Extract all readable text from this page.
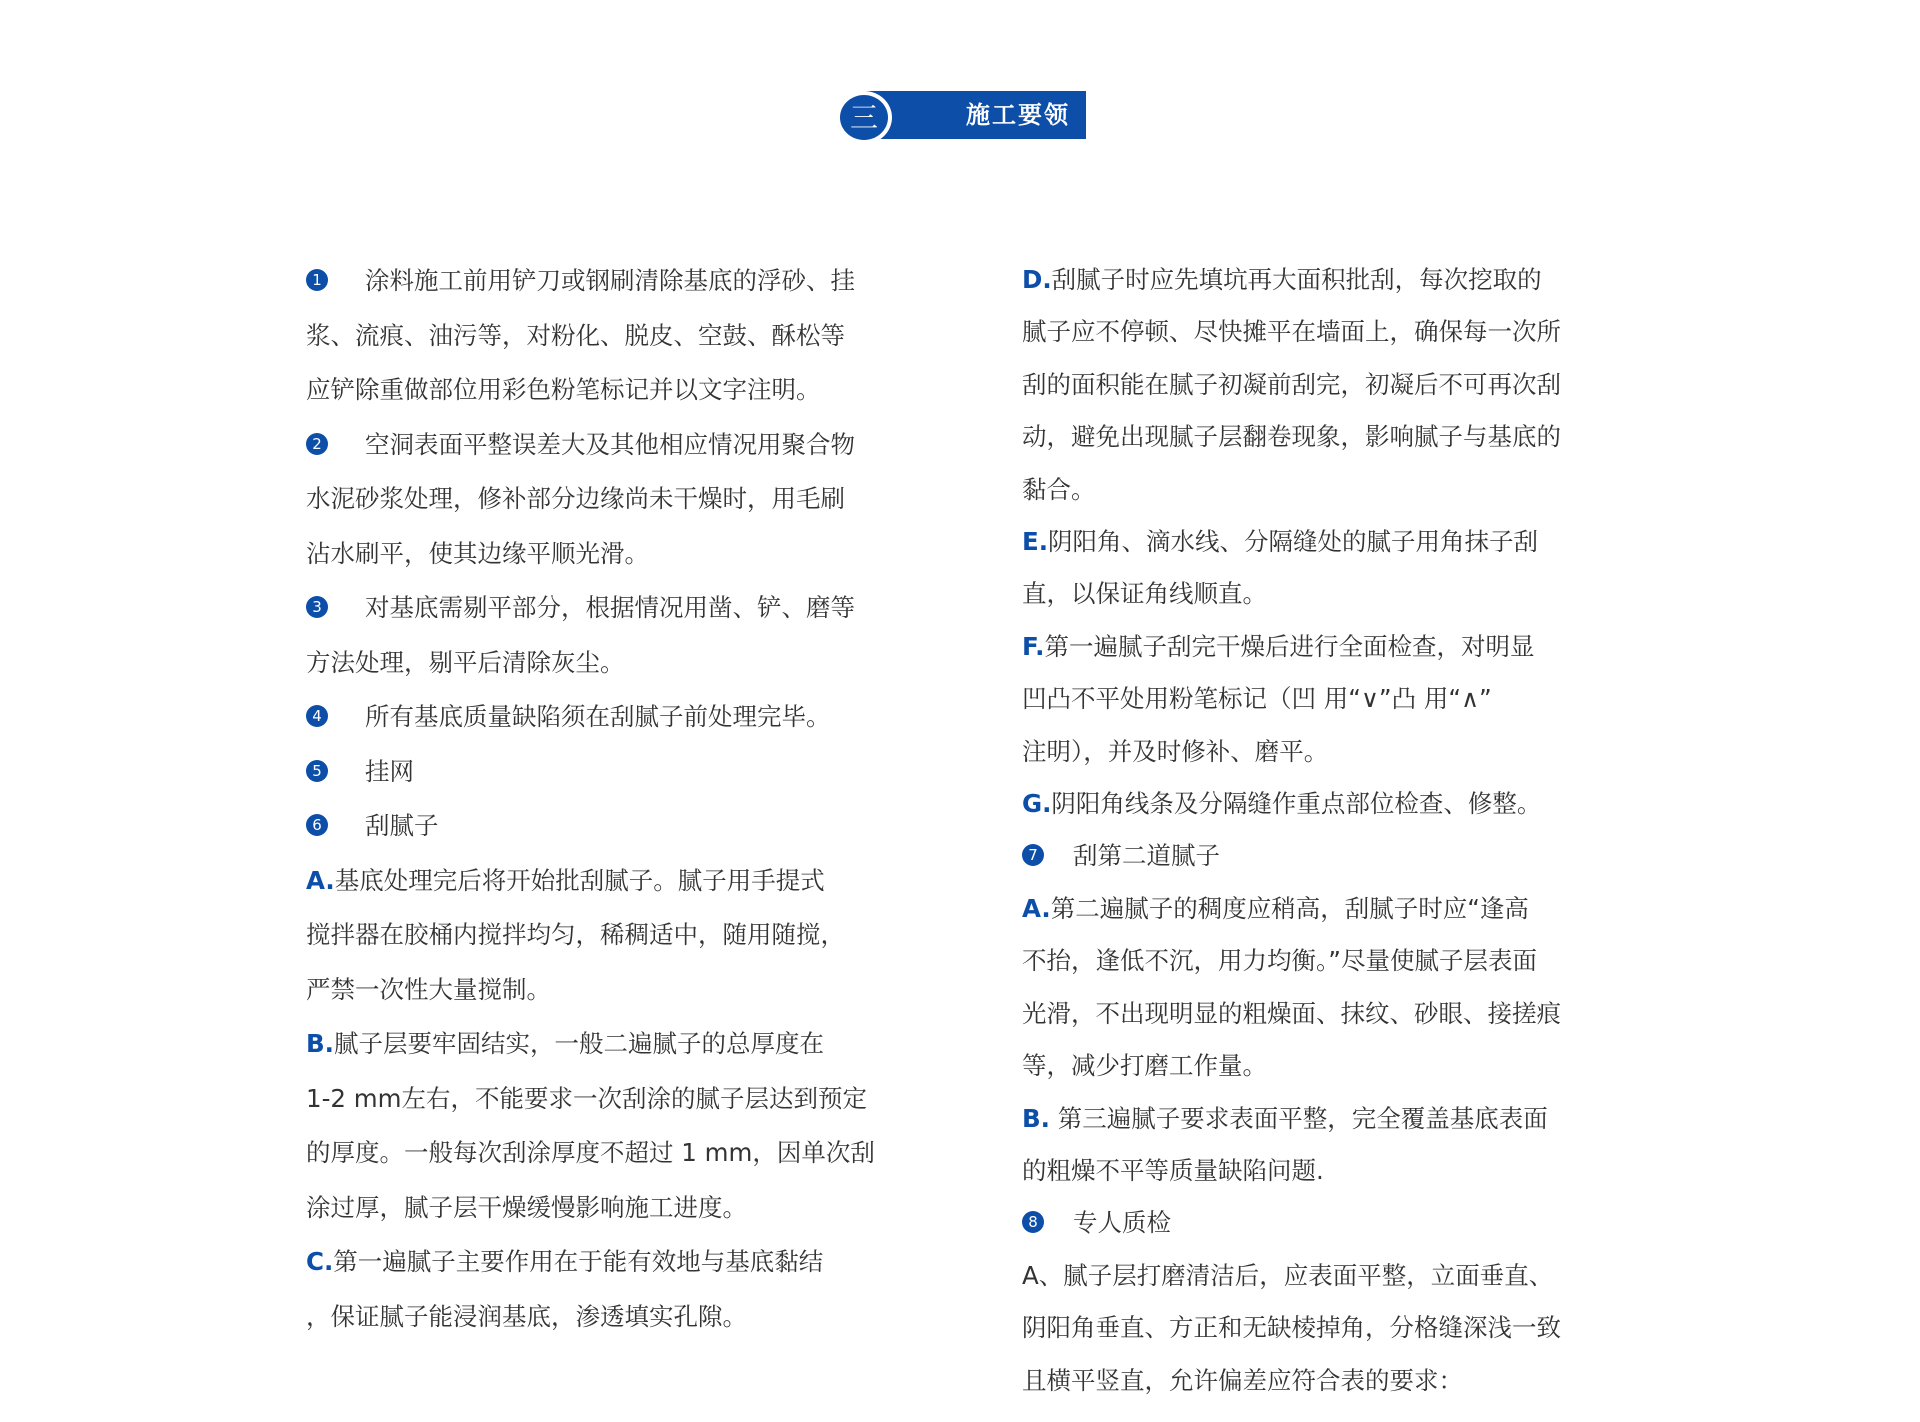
施工要领
三
1 涂料施工前用铲刀或钢刷清除基底的浮砂、挂
浆、流痕、油污等，对粉化、脱皮、空鼓、酥松等
应铲除重做部位用彩色粉笔标记并以文字注明。
2 空洞表面平整误差大及其他相应情况用聚合物
水泥砂浆处理，修补部分边缘尚未干燥时，用毛刷
沾水刷平，使其边缘平顺光滑。
3 对基底需剔平部分，根据情况用凿、铲、磨等
方法处理，剔平后清除灰尘。
4 所有基底质量缺陷须在刮腻子前处理完毕。
5 挂网
6 刮腻子
A.基底处理完后将开始批刮腻子。腻子用手提式
搅拌器在胶桶内搅拌均匀，稀稠适中，随用随搅，
严禁一次性大量搅制。
B.腻子层要牢固结实，一般二遍腻子的总厚度在
1-2 mm左右，不能要求一次刮涂的腻子层达到预定
的厚度。一般每次刮涂厚度不超过 1 mm，因单次刮
涂过厚，腻子层干燥缓慢影响施工进度。
C.第一遍腻子主要作用在于能有效地与基底黏结
，保证腻子能浸润基底，渗透填实孔隙。
D.刮腻子时应先填坑再大面积批刮，每次挖取的
腻子应不停顿、尽快摊平在墙面上，确保每一次所
刮的面积能在腻子初凝前刮完，初凝后不可再次刮
动，避免出现腻子层翻卷现象，影响腻子与基底的
黏合。
E.阴阳角、滴水线、分隔缝处的腻子用角抹子刮
直，以保证角线顺直。
F.第一遍腻子刮完干燥后进行全面检查，对明显
凹凸不平处用粉笔标记（凹 用“∨”凸 用“∧”
注明），并及时修补、磨平。
G.阴阳角线条及分隔缝作重点部位检查、修整。
7 刮第二道腻子
A.第二遍腻子的稠度应稍高，刮腻子时应“逢高
不抬，逢低不沉，用力均衡。”尽量使腻子层表面
光滑，不出现明显的粗燥面、抹纹、砂眼、接搓痕
等，减少打磨工作量。
B. 第三遍腻子要求表面平整，完全覆盖基底表面
的粗燥不平等质量缺陷问题.
8 专人质检
A、腻子层打磨清洁后，应表面平整，立面垂直、
阴阳角垂直、方正和无缺棱掉角，分格缝深浅一致
且横平竖直，允许偏差应符合表的要求：
